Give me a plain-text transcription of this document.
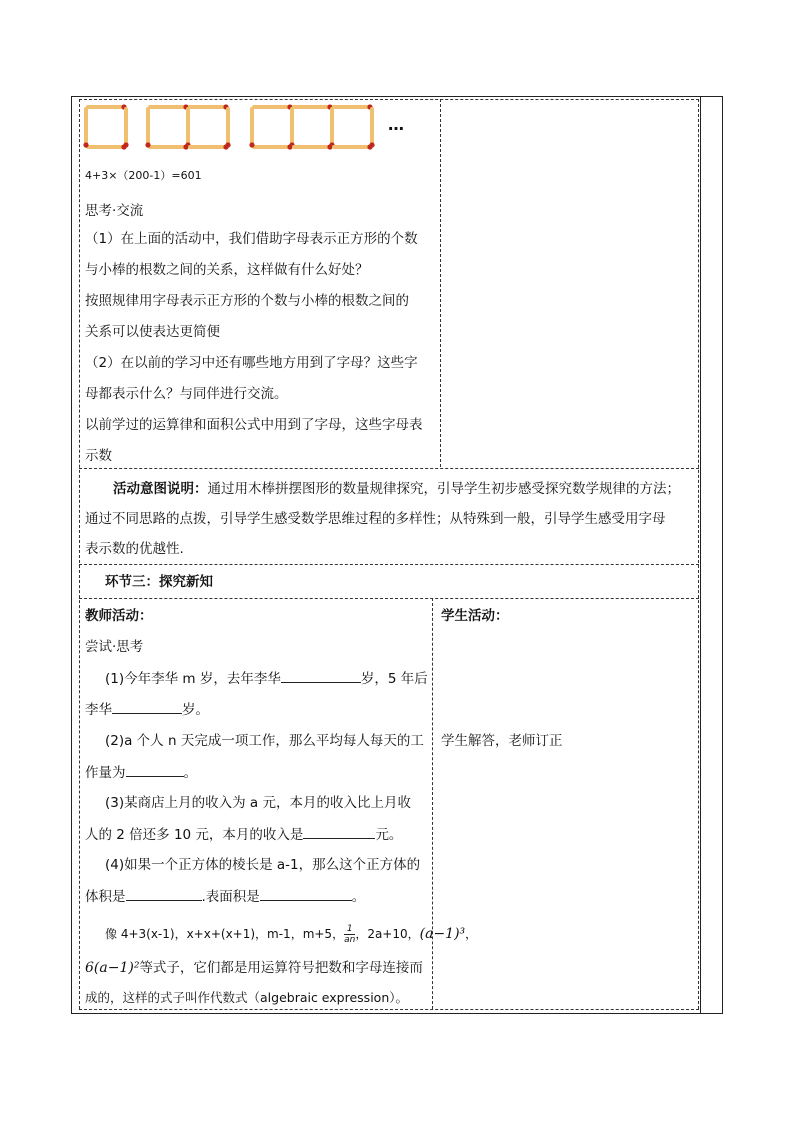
…
4+3×（200-1）=601
思考·交流
（1）在上面的活动中，我们借助字母表示正方形的个数
与小棒的根数之间的关系，这样做有什么好处？
按照规律用字母表示正方形的个数与小棒的根数之间的
关系可以使表达更简便
（2）在以前的学习中还有哪些地方用到了字母？这些字
母都表示什么？与同伴进行交流。
以前学过的运算律和面积公式中用到了字母，这些字母表
示数
活动意图说明：通过用木棒拼摆图形的数量规律探究，引导学生初步感受探究数学规律的方法；
通过不同思路的点拨，引导学生感受数学思维过程的多样性；从特殊到一般，引导学生感受用字母
表示数的优越性.
环节三：探究新知
教师活动：
尝试·思考
(1)今年李华 m 岁，去年李华	岁，5 年后
李华	岁。
(2)a 个人 n 天完成一项工作，那么平均每人每天的工
作量为	。
(3)某商店上月的收入为 a 元，本月的收入比上月收
人的 2 倍还多 10 元，本月的收入是	元。
(4)如果一个正方体的棱长是 a-1，那么这个正方体的
体积是	.表面积是	。
像 4+3(x-1)，x+x+(x+1)，m-1，m+5， $\frac{1}{an}$ ，2a+10，(a−1)³，
6(a−1)²等式子，它们都是用运算符号把数和字母连接而
成的，这样的式子叫作代数式（algebraic expression）。
学生活动：
学生解答，老师订正
